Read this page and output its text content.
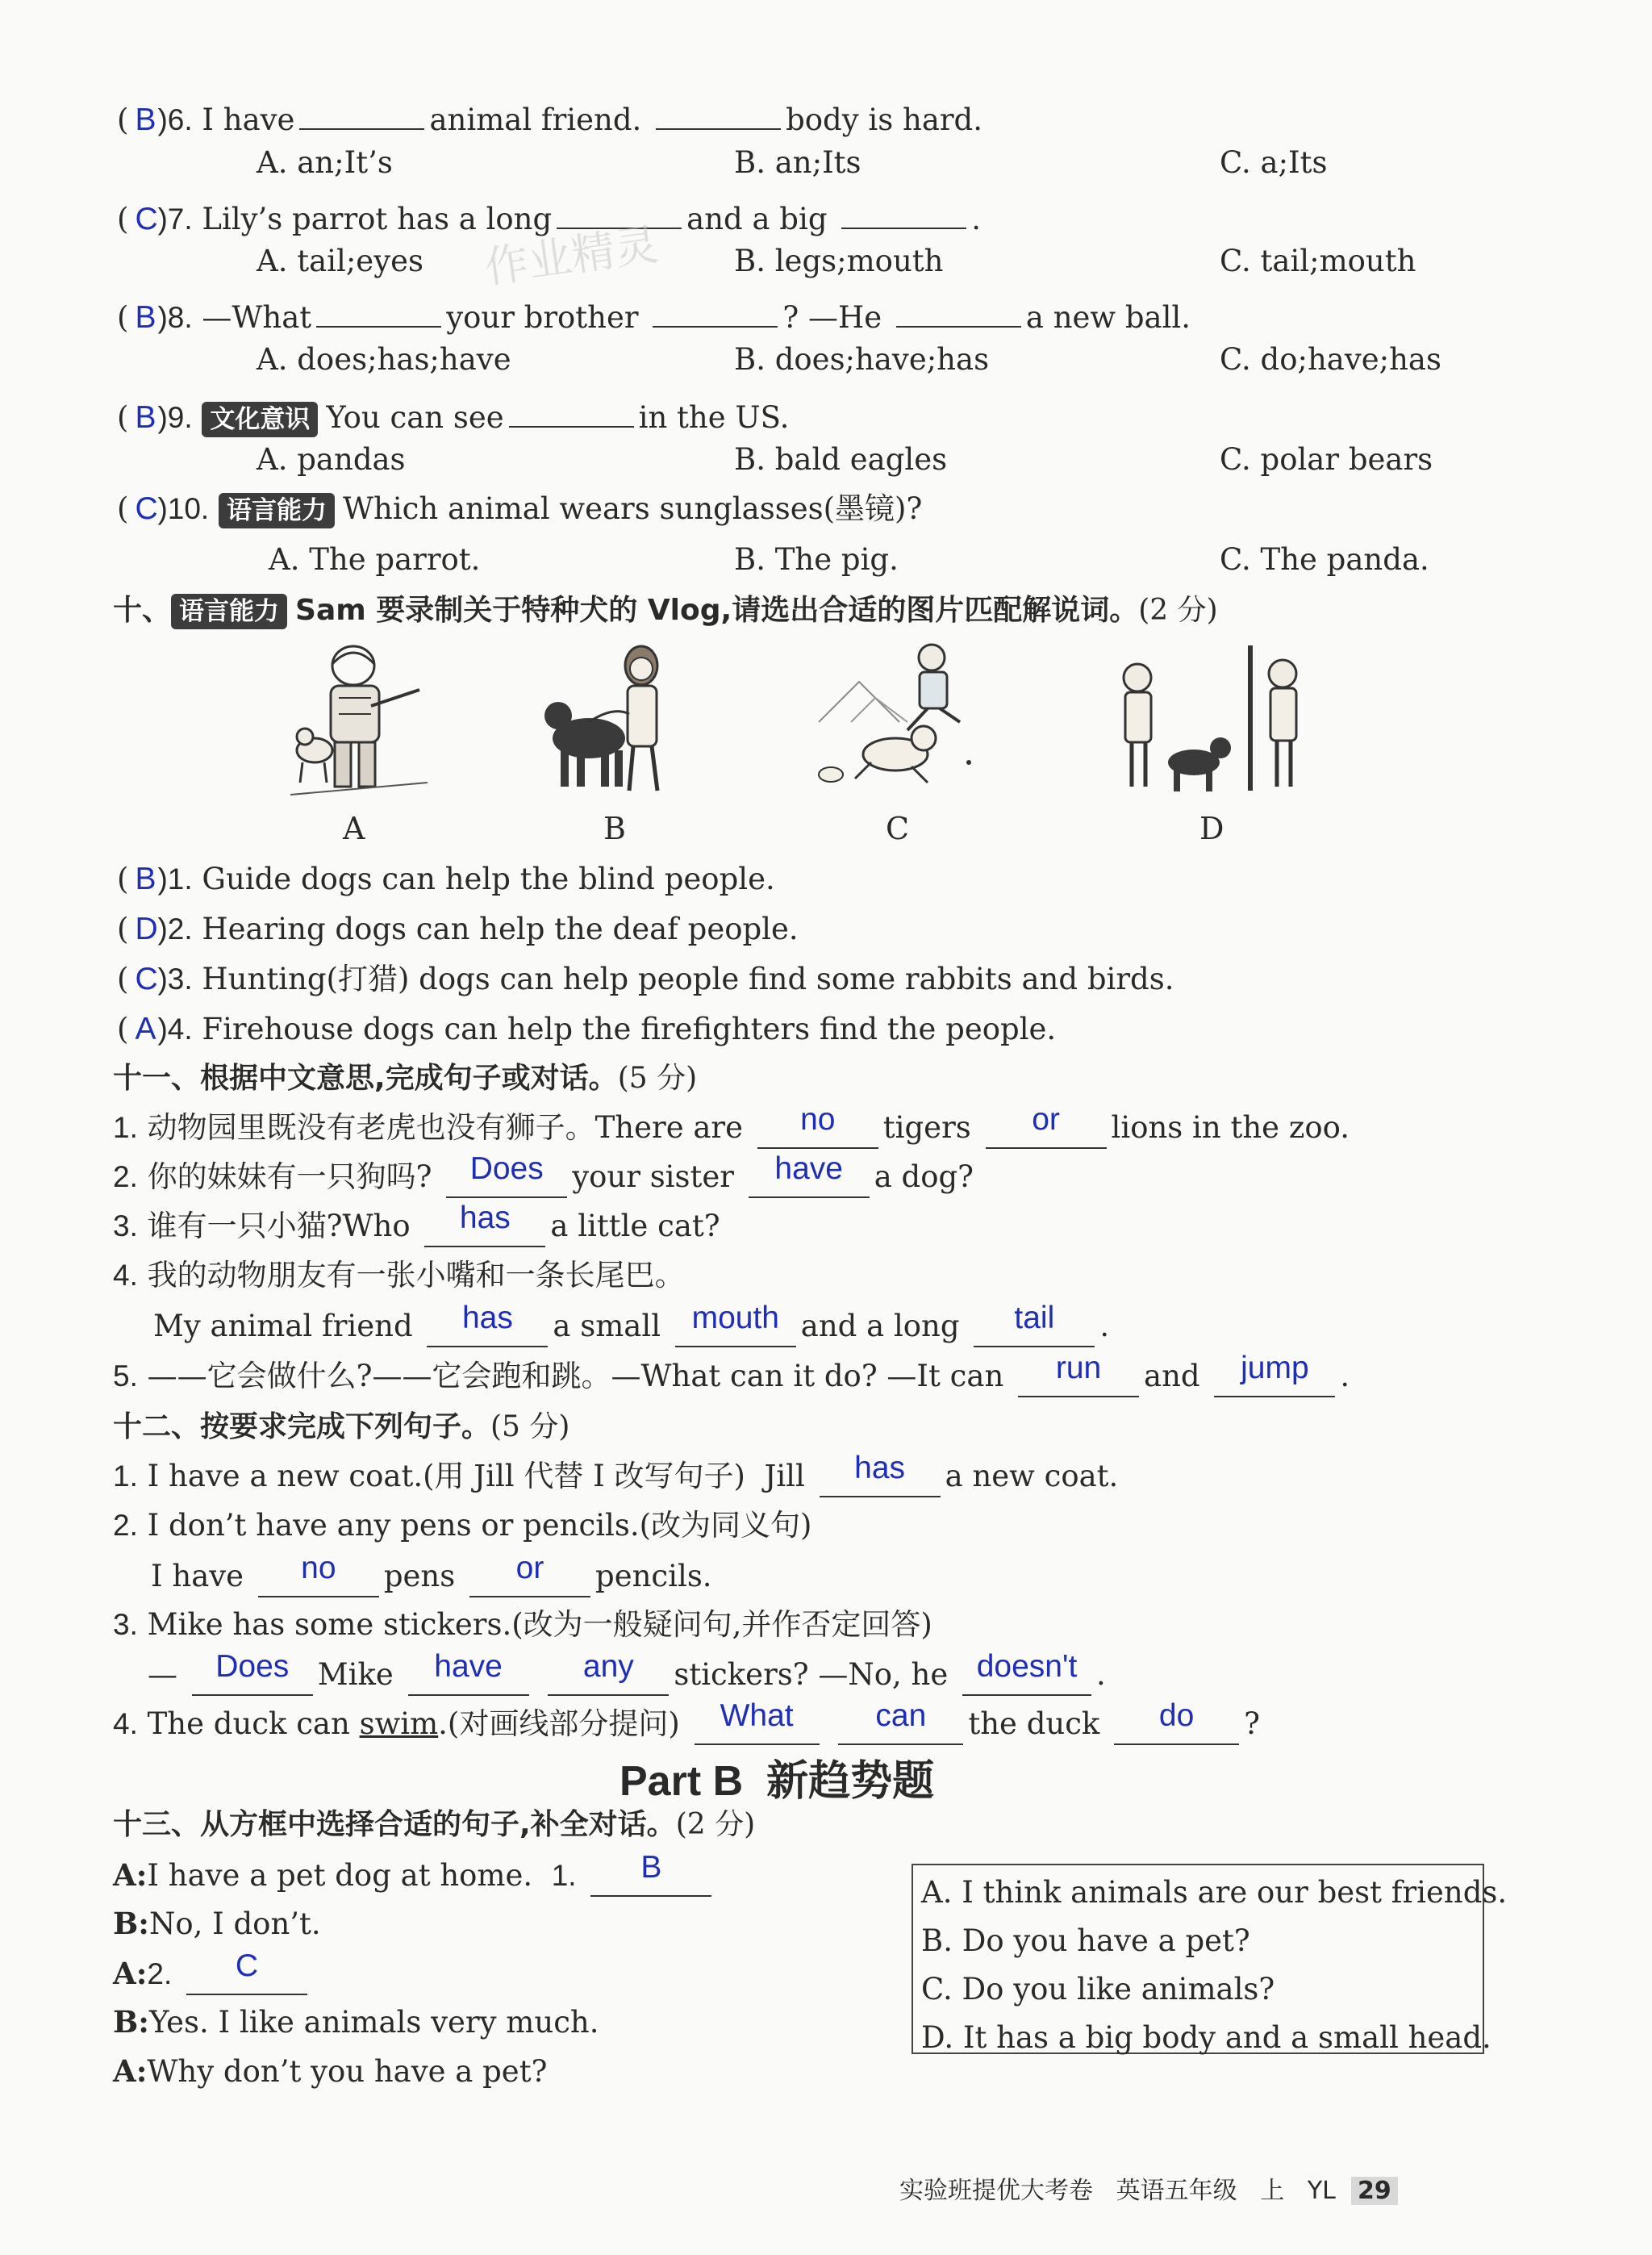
( B)6. I have	animal friend.	body is hard.
A. an;It’s	B. an;Its	C. a;Its
( C)7. Lily’s parrot has a long	and a big	.
A. tail;eyes	B. legs;mouth	C. tail;mouth
( B)8. —What	your brother	? —He	a new ball.
A. does;has;have	B. does;have;has	C. do;have;has
( B)9. 文化意识 You can see	in the US.
A. pandas	B. bald eagles	C. polar bears
( C)10. 语言能力 Which animal wears sunglasses(墨镜)?
A. The parrot.	B. The pig.	C. The panda.
十、 语言能力 Sam 要录制关于特种犬的 Vlog,请选出合适的图片匹配解说词。(2 分)
A	B	C	D
( B)1. Guide dogs can help the blind people.
( D)2. Hearing dogs can help the deaf people.
( C)3. Hunting(打猎) dogs can help people find some rabbits and birds.
( A)4. Firehouse dogs can help the firefighters find the people.
十一、根据中文意思,完成句子或对话。(5 分)
1. 动物园里既没有老虎也没有狮子。There are no tigers or lions in the zoo.
2. 你的妹妹有一只狗吗? Does your sister have a dog?
3. 谁有一只小猫?Who has a little cat?
4. 我的动物朋友有一张小嘴和一条长尾巴。
My animal friend has a small mouth and a long tail .
5. ——它会做什么?——它会跑和跳。—What can it do? —It can run and jump .
十二、按要求完成下列句子。(5 分)
1. I have a new coat.(用 Jill 代替 I 改写句子) Jill has a new coat.
2. I don’t have any pens or pencils.(改为同义句)
I have no pens or pencils.
3. Mike has some stickers.(改为一般疑问句,并作否定回答)
— Does Mike have	any stickers? —No, he doesn't .
4. The duck can swim.(对画线部分提问) What	can the duck do ?
Part B 新趋势题
十三、从方框中选择合适的句子,补全对话。(2 分)
A:I have a pet dog at home. 1. B
B:No, I don’t.
A:2. C
B:Yes. I like animals very much.
A:Why don’t you have a pet?
A. I think animals are our best friends.
B. Do you have a pet?
C. Do you like animals?
D. It has a big body and a small head.
实验班提优大考卷 英语五年级 上 YL 29
作业精灵
